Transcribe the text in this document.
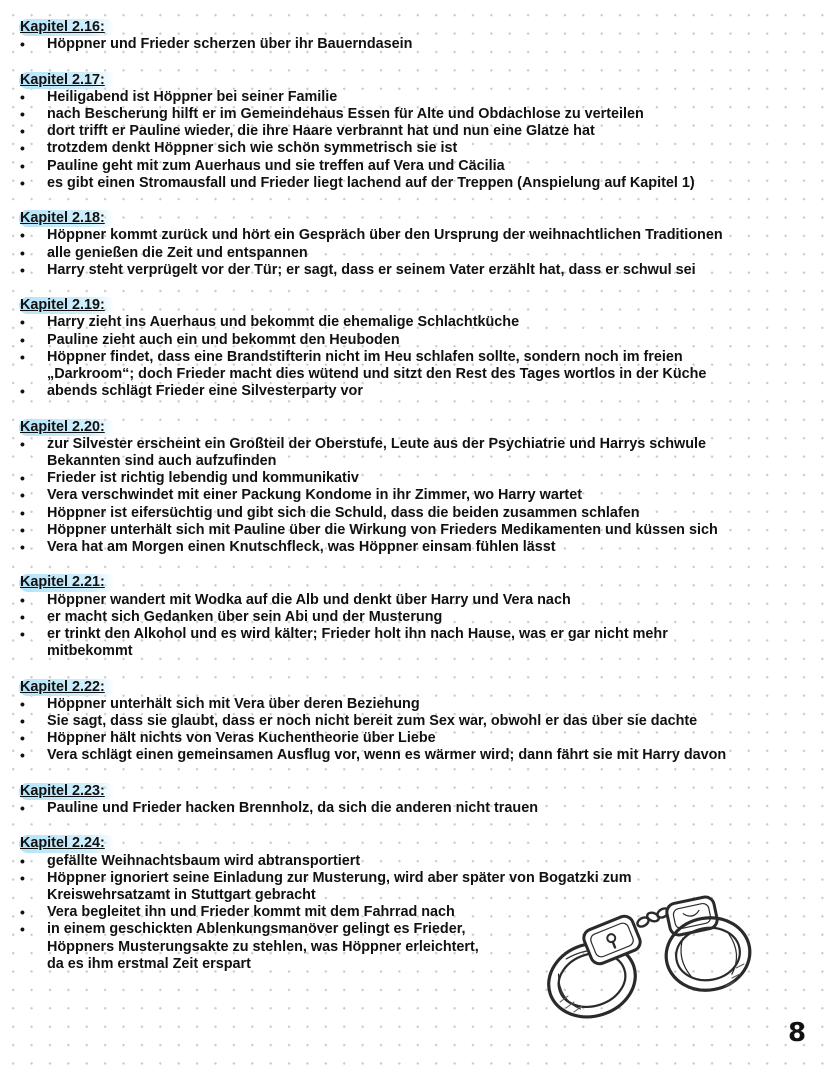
Kapitel 2.16:
• Höppner und Frieder scherzen über ihr Bauerndasein
Kapitel 2.17:
• Heiligabend ist Höppner bei seiner Familie
• nach Bescherung hilft er im Gemeindehaus Essen für Alte und Obdachlose zu verteilen
• dort trifft er Pauline wieder, die ihre Haare verbrannt hat und nun eine Glatze hat
• trotzdem denkt Höppner sich wie schön symmetrisch sie ist
• Pauline geht mit zum Auerhaus und sie treffen auf Vera und Cäcilia
• es gibt einen Stromausfall und Frieder liegt lachend auf der Treppen (Anspielung auf Kapitel 1)
Kapitel 2.18:
• Höppner kommt zurück und hört ein Gespräch über den Ursprung der weihnachtlichen Traditionen
• alle genießen die Zeit und entspannen
• Harry steht verprügelt vor der Tür; er sagt, dass er seinem Vater erzählt hat, dass er schwul sei
Kapitel 2.19:
• Harry zieht ins Auerhaus und bekommt die ehemalige Schlachtküche
• Pauline zieht auch ein und bekommt den Heuboden
• Höppner findet, dass eine Brandstifterin nicht im Heu schlafen sollte, sondern noch im freien
„Darkroom“; doch Frieder macht dies wütend und sitzt den Rest des Tages wortlos in der Küche
• abends schlägt Frieder eine Silvesterparty vor
Kapitel 2.20:
• zur Silvester erscheint ein Großteil der Oberstufe, Leute aus der Psychiatrie und Harrys schwule
Bekannten sind auch aufzufinden
• Frieder ist richtig lebendig und kommunikativ
• Vera verschwindet mit einer Packung Kondome in ihr Zimmer, wo Harry wartet
• Höppner ist eifersüchtig und gibt sich die Schuld, dass die beiden zusammen schlafen
• Höppner unterhält sich mit Pauline über die Wirkung von Frieders Medikamenten und küssen sich
• Vera hat am Morgen einen Knutschfleck, was Höppner einsam fühlen lässt
Kapitel 2.21:
• Höppner wandert mit Wodka auf die Alb und denkt über Harry und Vera nach
• er macht sich Gedanken über sein Abi und der Musterung
• er trinkt den Alkohol und es wird kälter; Frieder holt ihn nach Hause, was er gar nicht mehr
mitbekommt
Kapitel 2.22:
• Höppner unterhält sich mit Vera über deren Beziehung
• Sie sagt, dass sie glaubt, dass er noch nicht bereit zum Sex war, obwohl er das über sie dachte
• Höppner hält nichts von Veras Kuchentheorie über Liebe
• Vera schlägt einen gemeinsamen Ausflug vor, wenn es wärmer wird; dann fährt sie mit Harry davon
Kapitel 2.23:
• Pauline und Frieder hacken Brennholz, da sich die anderen nicht trauen
Kapitel 2.24:
• gefällte Weihnachtsbaum wird abtransportiert
• Höppner ignoriert seine Einladung zur Musterung, wird aber später von Bogatzki zum
Kreiswehrsatzamt in Stuttgart gebracht
• Vera begleitet ihn und Frieder kommt mit dem Fahrrad nach
• in einem geschickten Ablenkungsmanöver gelingt es Frieder,
Höppners Musterungsakte zu stehlen, was Höppner erleichtert,
da es ihm erstmal Zeit erspart
8
